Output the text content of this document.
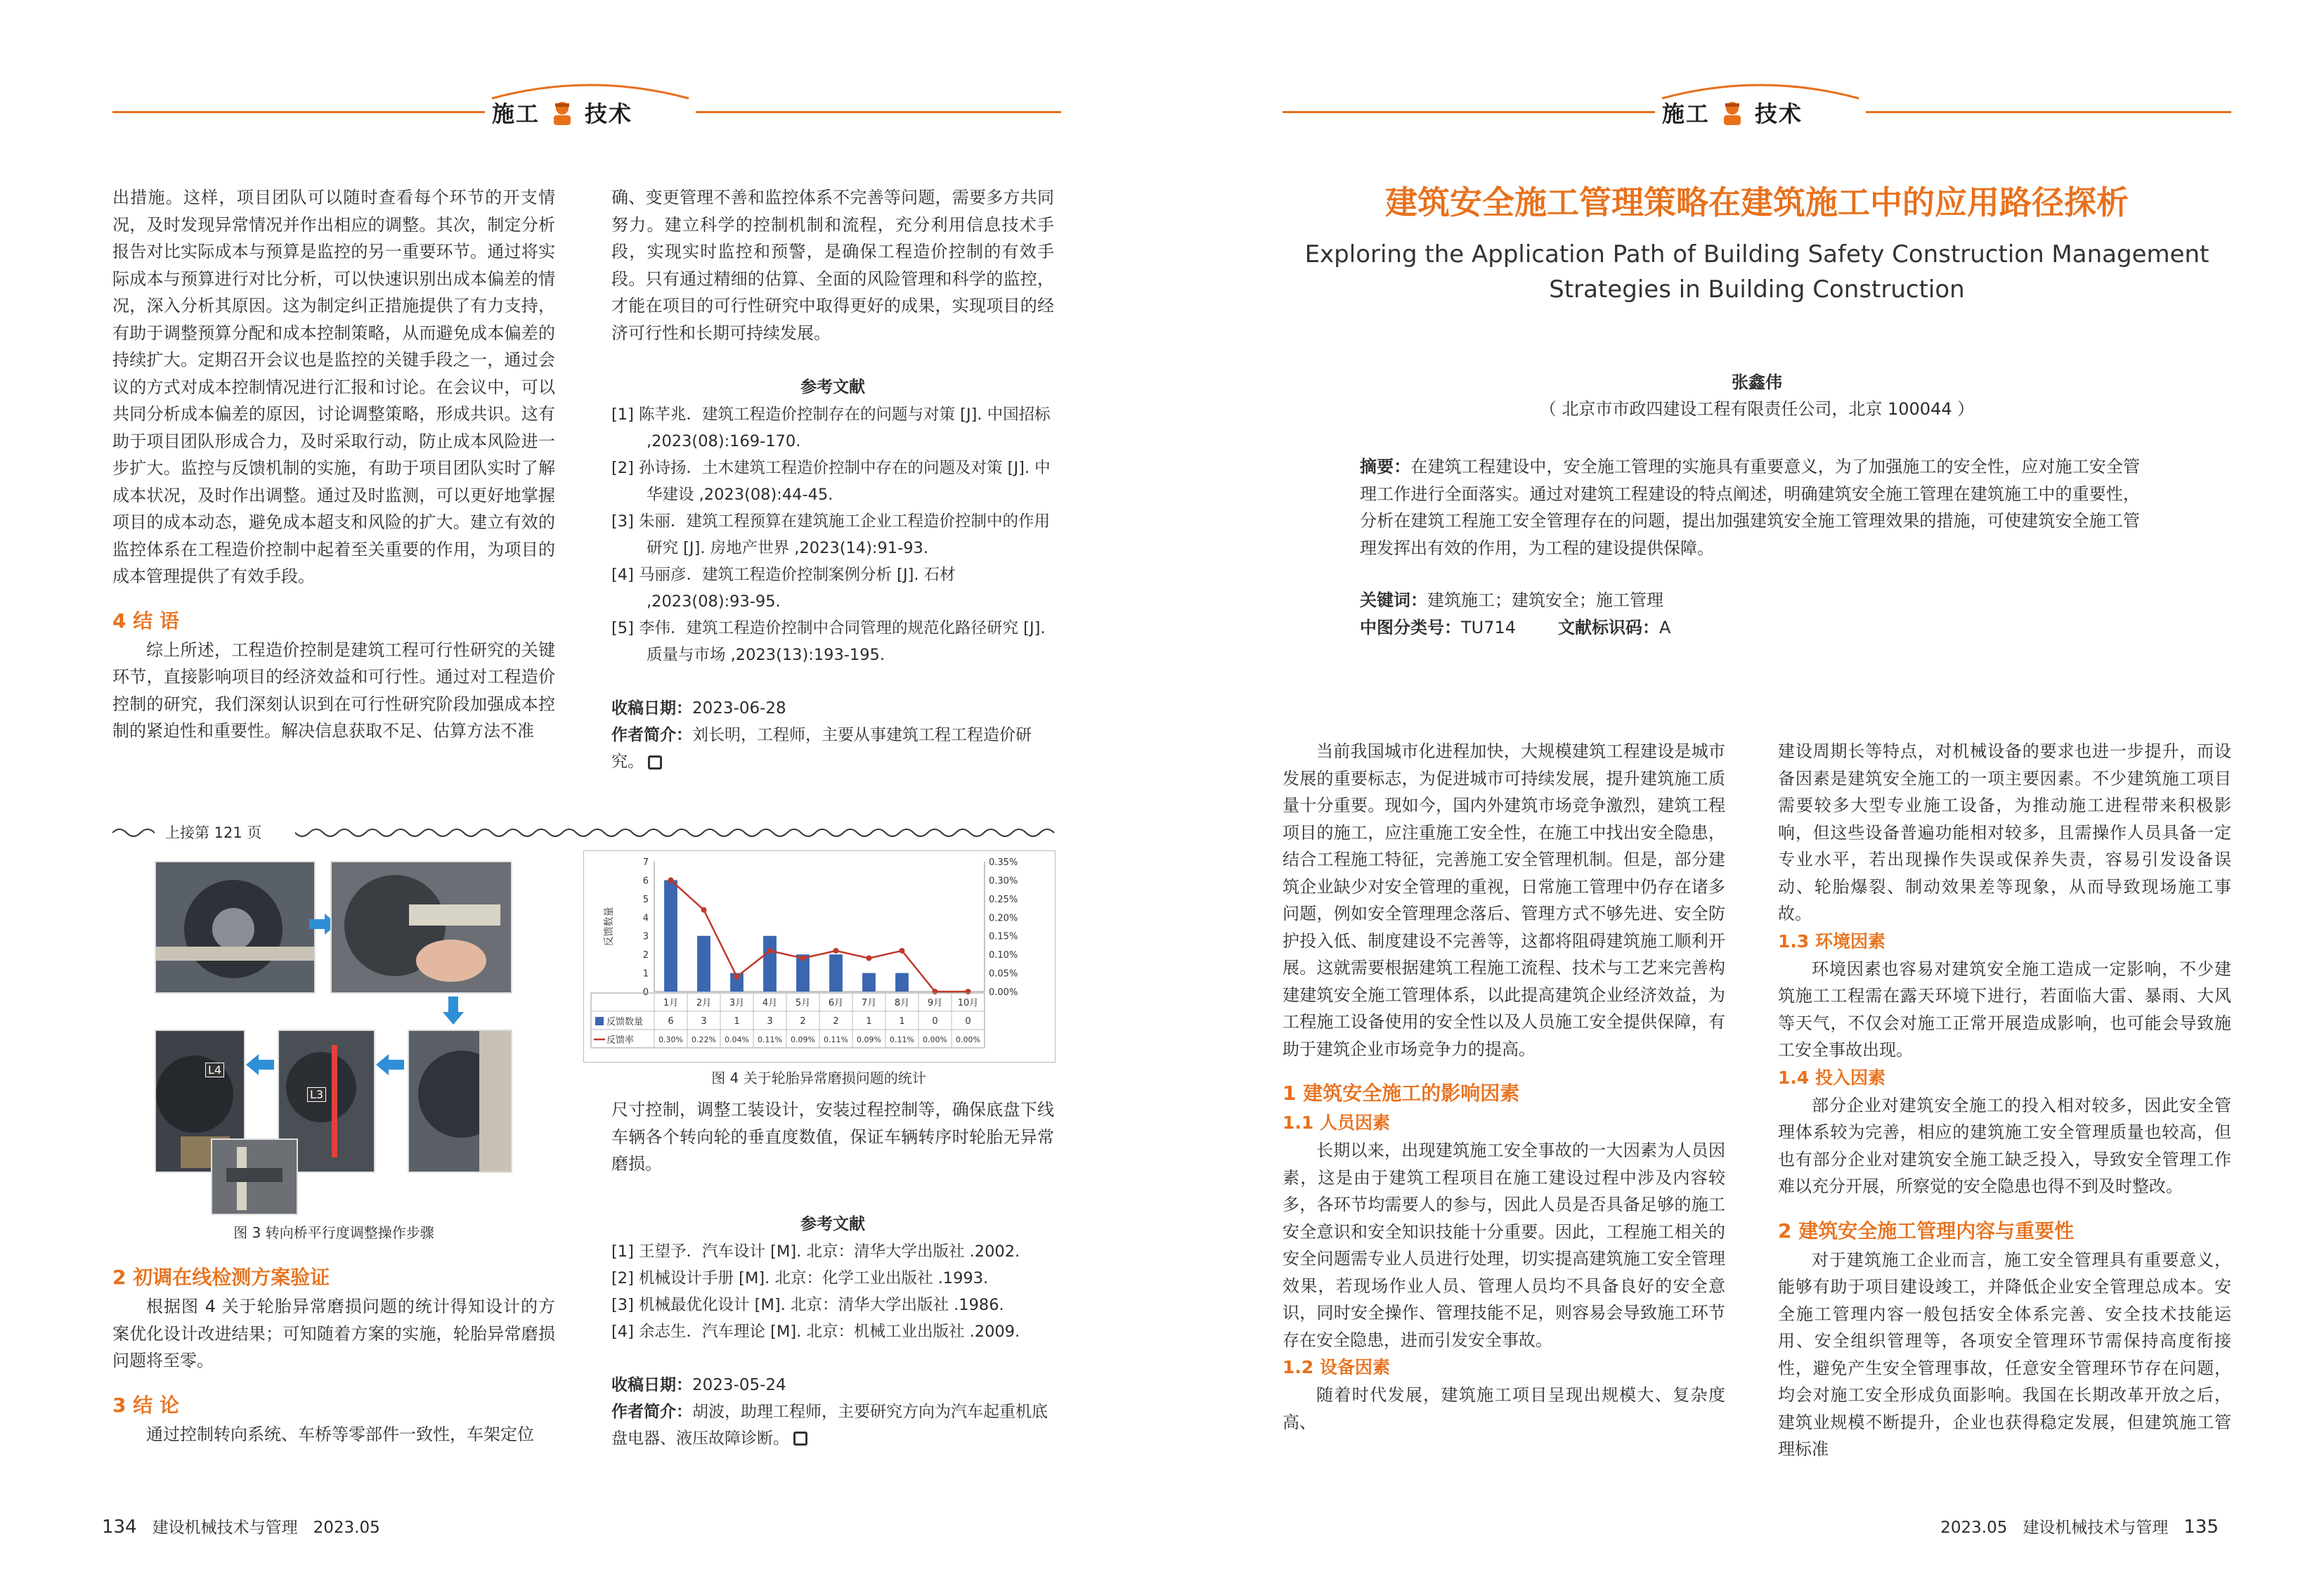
施工 技术	施工 技术

出措施。这样，项目团队可以随时查看每个环节的开支情况，及时发现异常情况并作出相应的调整。其次，制定分析报告对比实际成本与预算是监控的另一重要环节。通过将实际成本与预算进行对比分析，可以快速识别出成本偏差的情况，深入分析其原因。这为制定纠正措施提供了有力支持，有助于调整预算分配和成本控制策略，从而避免成本偏差的持续扩大。定期召开会议也是监控的关键手段之一，通过会议的方式对成本控制情况进行汇报和讨论。在会议中，可以共同分析成本偏差的原因，讨论调整策略，形成共识。这有助于项目团队形成合力，及时采取行动，防止成本风险进一步扩大。监控与反馈机制的实施，有助于项目团队实时了解成本状况，及时作出调整。通过及时监测，可以更好地掌握项目的成本动态，避免成本超支和风险的扩大。建立有效的监控体系在工程造价控制中起着至关重要的作用，为项目的成本管理提供了有效手段。

4 结 语

综上所述，工程造价控制是建筑工程可行性研究的关键环节，直接影响项目的经济效益和可行性。通过对工程造价控制的研究，我们深刻认识到在可行性研究阶段加强成本控制的紧迫性和重要性。解决信息获取不足、估算方法不准

确、变更管理不善和监控体系不完善等问题，需要多方共同努力。建立科学的控制机制和流程，充分利用信息技术手段，实现实时监控和预警，是确保工程造价控制的有效手段。只有通过精细的估算、全面的风险管理和科学的监控，才能在项目的可行性研究中取得更好的成果，实现项目的经济可行性和长期可持续发展。

参考文献

[1] 陈芊兆．建筑工程造价控制存在的问题与对策 [J]. 中国招标 ,2023(08):169-170.

[2] 孙诗扬．土木建筑工程造价控制中存在的问题及对策 [J]. 中华建设 ,2023(08):44-45.

[3] 朱丽．建筑工程预算在建筑施工企业工程造价控制中的作用研究 [J]. 房地产世界 ,2023(14):91-93.

[4] 马丽彦．建筑工程造价控制案例分析 [J]. 石材 ,2023(08):93-95.

[5] 李伟．建筑工程造价控制中合同管理的规范化路径研究 [J]. 质量与市场 ,2023(13):193-195.

收稿日期：2023-06-28

作者简介：刘长明，工程师，主要从事建筑工程工程造价研究。

上接第 121 页
L4
L3
图 3 转向桥平行度调整操作步骤
0
1
2
3
4
5
6
7
0.00%
0.05%
0.10%
0.15%
0.20%
0.25%
0.30%
0.35%
反馈数量
1月
6
0.30%
2月
3
0.22%
3月
1
0.04%
4月
3
0.11%
5月
2
0.09%
6月
2
0.11%
7月
1
0.09%
8月
1
0.11%
9月
0
0.00%
10月
0
0.00%
反馈数量
反馈率
图 4 关于轮胎异常磨损问题的统计

2 初调在线检测方案验证

根据图 4 关于轮胎异常磨损问题的统计得知设计的方案优化设计改进结果；可知随着方案的实施，轮胎异常磨损问题将至零。

3 结 论

通过控制转向系统、车桥等零部件一致性，车架定位

尺寸控制，调整工装设计，安装过程控制等，确保底盘下线车辆各个转向轮的垂直度数值，保证车辆转序时轮胎无异常磨损。

参考文献

[1] 王望予．汽车设计 [M]. 北京：清华大学出版社 .2002.

[2] 机械设计手册 [M]. 北京：化学工业出版社 .1993.

[3] 机械最优化设计 [M]. 北京：清华大学出版社 .1986.

[4] 余志生．汽车理论 [M]. 北京：机械工业出版社 .2009.

收稿日期：2023-05-24

作者简介：胡波，助理工程师，主要研究方向为汽车起重机底盘电器、液压故障诊断。

134 建设机械技术与管理 2023.05
建筑安全施工管理策略在建筑施工中的应用路径探析
Exploring the Application Path of Building Safety Construction Management
Strategies in Building Construction
张鑫伟
（ 北京市市政四建设工程有限责任公司，北京 100044 ）

摘要：在建筑工程建设中，安全施工管理的实施具有重要意义，为了加强施工的安全性，应对施工安全管理工作进行全面落实。通过对建筑工程建设的特点阐述，明确建筑安全施工管理在建筑施工中的重要性，分析在建筑工程施工安全管理存在的问题，提出加强建筑安全施工管理效果的措施，可使建筑安全施工管理发挥出有效的作用，为工程的建设提供保障。

关键词：建筑施工；建筑安全；施工管理

中图分类号：TU714	文献标识码：A

当前我国城市化进程加快，大规模建筑工程建设是城市发展的重要标志，为促进城市可持续发展，提升建筑施工质量十分重要。现如今，国内外建筑市场竞争激烈，建筑工程项目的施工，应注重施工安全性，在施工中找出安全隐患，结合工程施工特征，完善施工安全管理机制。但是，部分建筑企业缺少对安全管理的重视，日常施工管理中仍存在诸多问题，例如安全管理理念落后、管理方式不够先进、安全防护投入低、制度建设不完善等，这都将阻碍建筑施工顺利开展。这就需要根据建筑工程施工流程、技术与工艺来完善构建建筑安全施工管理体系，以此提高建筑企业经济效益，为工程施工设备使用的安全性以及人员施工安全提供保障，有助于建筑企业市场竞争力的提高。

1 建筑安全施工的影响因素

1.1 人员因素

长期以来，出现建筑施工安全事故的一大因素为人员因素，这是由于建筑工程项目在施工建设过程中涉及内容较多，各环节均需要人的参与，因此人员是否具备足够的施工安全意识和安全知识技能十分重要。因此，工程施工相关的安全问题需专业人员进行处理，切实提高建筑施工安全管理效果，若现场作业人员、管理人员均不具备良好的安全意识，同时安全操作、管理技能不足，则容易会导致施工环节存在安全隐患，进而引发安全事故。

1.2 设备因素

随着时代发展，建筑施工项目呈现出规模大、复杂度高、

建设周期长等特点，对机械设备的要求也进一步提升，而设备因素是建筑安全施工的一项主要因素。不少建筑施工项目需要较多大型专业施工设备，为推动施工进程带来积极影响，但这些设备普遍功能相对较多，且需操作人员具备一定专业水平，若出现操作失误或保养失责，容易引发设备误动、轮胎爆裂、制动效果差等现象，从而导致现场施工事故。

1.3 环境因素

环境因素也容易对建筑安全施工造成一定影响，不少建筑施工工程需在露天环境下进行，若面临大雷、暴雨、大风等天气，不仅会对施工正常开展造成影响，也可能会导致施工安全事故出现。

1.4 投入因素

部分企业对建筑安全施工的投入相对较多，因此安全管理体系较为完善，相应的建筑施工安全管理质量也较高，但也有部分企业对建筑安全施工缺乏投入，导致安全管理工作难以充分开展，所察觉的安全隐患也得不到及时整改。

2 建筑安全施工管理内容与重要性

对于建筑施工企业而言，施工安全管理具有重要意义，能够有助于项目建设竣工，并降低企业安全管理总成本。安全施工管理内容一般包括安全体系完善、安全技术技能运用、安全组织管理等，各项安全管理环节需保持高度衔接性，避免产生安全管理事故，任意安全管理环节存在问题，均会对施工安全形成负面影响。我国在长期改革开放之后，建筑业规模不断提升，企业也获得稳定发展，但建筑施工管理标准

2023.05 建设机械技术与管理 135
